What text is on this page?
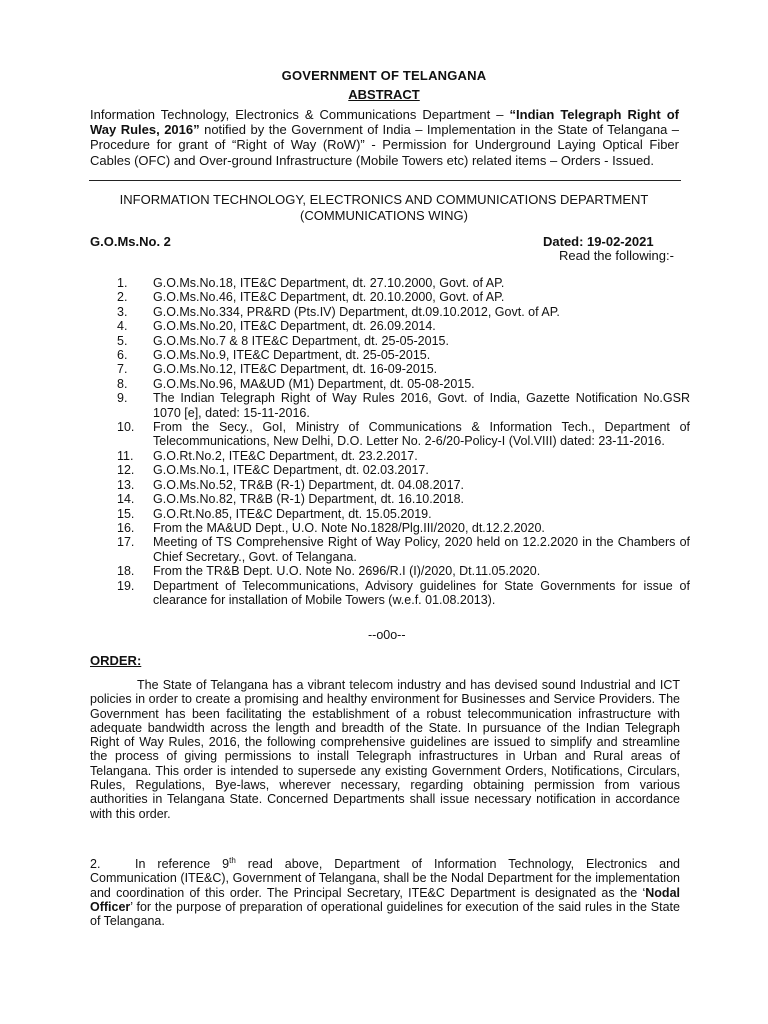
GOVERNMENT OF TELANGANA
ABSTRACT
Information Technology, Electronics & Communications Department – “Indian Telegraph Right of Way Rules, 2016” notified by the Government of India – Implementation in the State of Telangana – Procedure for grant of “Right of Way (RoW)” - Permission for Underground Laying Optical Fiber Cables (OFC) and Over-ground Infrastructure (Mobile Towers etc) related items – Orders - Issued.
INFORMATION TECHNOLOGY, ELECTRONICS AND COMMUNICATIONS DEPARTMENT
(COMMUNICATIONS WING)
G.O.Ms.No. 2	Dated: 19-02-2021
Read the following:-
1. G.O.Ms.No.18, ITE&C Department, dt. 27.10.2000, Govt. of AP.
2. G.O.Ms.No.46, ITE&C Department, dt. 20.10.2000, Govt. of AP.
3. G.O.Ms.No.334, PR&RD (Pts.IV) Department, dt.09.10.2012, Govt. of AP.
4. G.O.Ms.No.20, ITE&C Department, dt. 26.09.2014.
5. G.O.Ms.No.7 & 8 ITE&C Department, dt. 25-05-2015.
6. G.O.Ms.No.9, ITE&C Department, dt. 25-05-2015.
7. G.O.Ms.No.12, ITE&C Department, dt. 16-09-2015.
8. G.O.Ms.No.96, MA&UD (M1) Department, dt. 05-08-2015.
9. The Indian Telegraph Right of Way Rules 2016, Govt. of India, Gazette Notification No.GSR 1070 [e], dated: 15-11-2016.
10. From the Secy., GoI, Ministry of Communications & Information Tech., Department of Telecommunications, New Delhi, D.O. Letter No. 2-6/20-Policy-I (Vol.VIII) dated: 23-11-2016.
11. G.O.Rt.No.2, ITE&C Department, dt. 23.2.2017.
12. G.O.Ms.No.1, ITE&C Department, dt. 02.03.2017.
13. G.O.Ms.No.52, TR&B (R-1) Department, dt. 04.08.2017.
14. G.O.Ms.No.82, TR&B (R-1) Department, dt. 16.10.2018.
15. G.O.Rt.No.85, ITE&C Department, dt. 15.05.2019.
16. From the MA&UD Dept., U.O. Note No.1828/Plg.III/2020, dt.12.2.2020.
17. Meeting of TS Comprehensive Right of Way Policy, 2020 held on 12.2.2020 in the Chambers of Chief Secretary., Govt. of Telangana.
18. From the TR&B Dept. U.O. Note No. 2696/R.I (I)/2020, Dt.11.05.2020.
19. Department of Telecommunications, Advisory guidelines for State Governments for issue of clearance for installation of Mobile Towers (w.e.f. 01.08.2013).
--o0o--
ORDER:

The State of Telangana has a vibrant telecom industry and has devised sound Industrial and ICT policies in order to create a promising and healthy environment for Businesses and Service Providers. The Government has been facilitating the establishment of a robust telecommunication infrastructure with adequate bandwidth across the length and breadth of the State. In pursuance of the Indian Telegraph Right of Way Rules, 2016, the following comprehensive guidelines are issued to simplify and streamline the process of giving permissions to install Telegraph infrastructures in Urban and Rural areas of Telangana. This order is intended to supersede any existing Government Orders, Notifications, Circulars, Rules, Regulations, Bye-laws, wherever necessary, regarding obtaining permission from various authorities in Telangana State. Concerned Departments shall issue necessary notification in accordance with this order.

2.	In reference 9th read above, Department of Information Technology, Electronics and Communication (ITE&C), Government of Telangana, shall be the Nodal Department for the implementation and coordination of this order. The Principal Secretary, ITE&C Department is designated as the ‘Nodal Officer’ for the purpose of preparation of operational guidelines for execution of the said rules in the State of Telangana.
